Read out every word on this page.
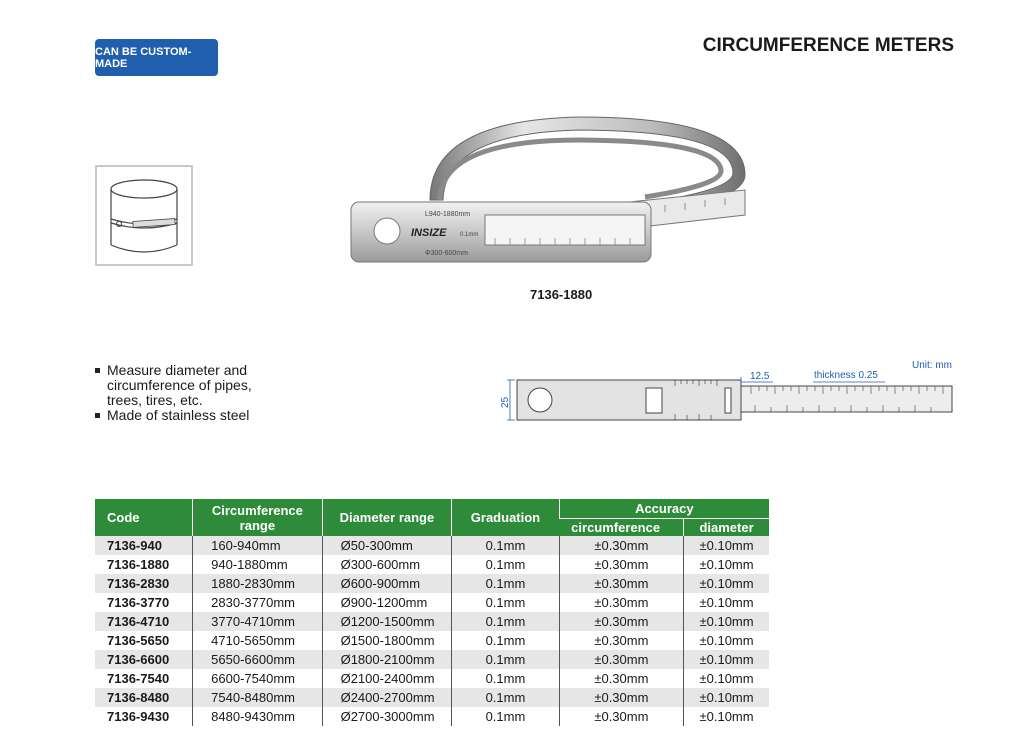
CAN BE CUSTOM-MADE
CIRCUMFERENCE METERS
INSIZE
L940-1880mm
Φ300-600mm
0.1mm
7136-1880
Measure diameter and circumference of pipes, trees, tires, etc.
Made of stainless steel
Unit: mm
25
12.5	thickness 0.25
Code	Circumference range	Diameter range	Graduation	Accuracy	
				circumference	diameter
7136-940	160-940mm	Ø50-300mm	0.1mm	±0.30mm	±0.10mm
7136-1880	940-1880mm	Ø300-600mm	0.1mm	±0.30mm	±0.10mm
7136-2830	1880-2830mm	Ø600-900mm	0.1mm	±0.30mm	±0.10mm
7136-3770	2830-3770mm	Ø900-1200mm	0.1mm	±0.30mm	±0.10mm
7136-4710	3770-4710mm	Ø1200-1500mm	0.1mm	±0.30mm	±0.10mm
7136-5650	4710-5650mm	Ø1500-1800mm	0.1mm	±0.30mm	±0.10mm
7136-6600	5650-6600mm	Ø1800-2100mm	0.1mm	±0.30mm	±0.10mm
7136-7540	6600-7540mm	Ø2100-2400mm	0.1mm	±0.30mm	±0.10mm
7136-8480	7540-8480mm	Ø2400-2700mm	0.1mm	±0.30mm	±0.10mm
7136-9430	8480-9430mm	Ø2700-3000mm	0.1mm	±0.30mm	±0.10mm
